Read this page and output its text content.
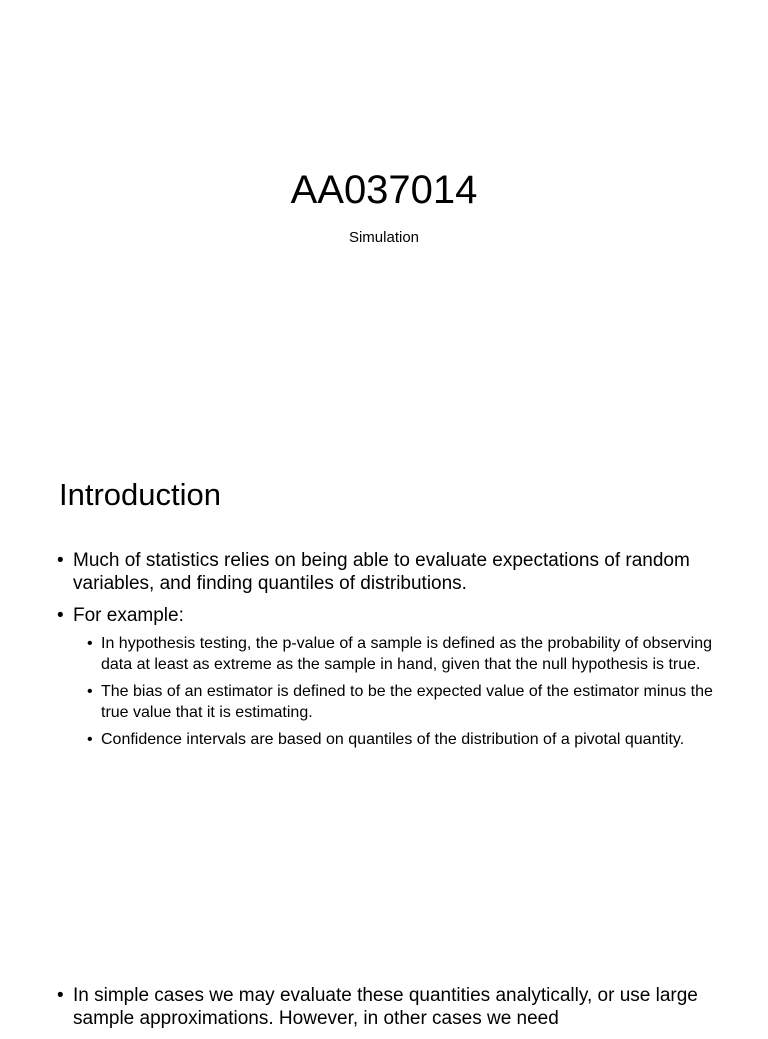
AA037014

Simulation

Introduction
• Much of statistics relies on being able to evaluate expectations of random variables, and finding quantiles of distributions.
• For example:
• In hypothesis testing, the p-value of a sample is defined as the probability of observing data at least as extreme as the sample in hand, given that the null hypothesis is true.
• The bias of an estimator is defined to be the expected value of the estimator minus the true value that it is estimating.
• Confidence intervals are based on quantiles of the distribution of a pivotal quantity.
• In simple cases we may evaluate these quantities analytically, or use large sample approximations. However, in other cases we need
